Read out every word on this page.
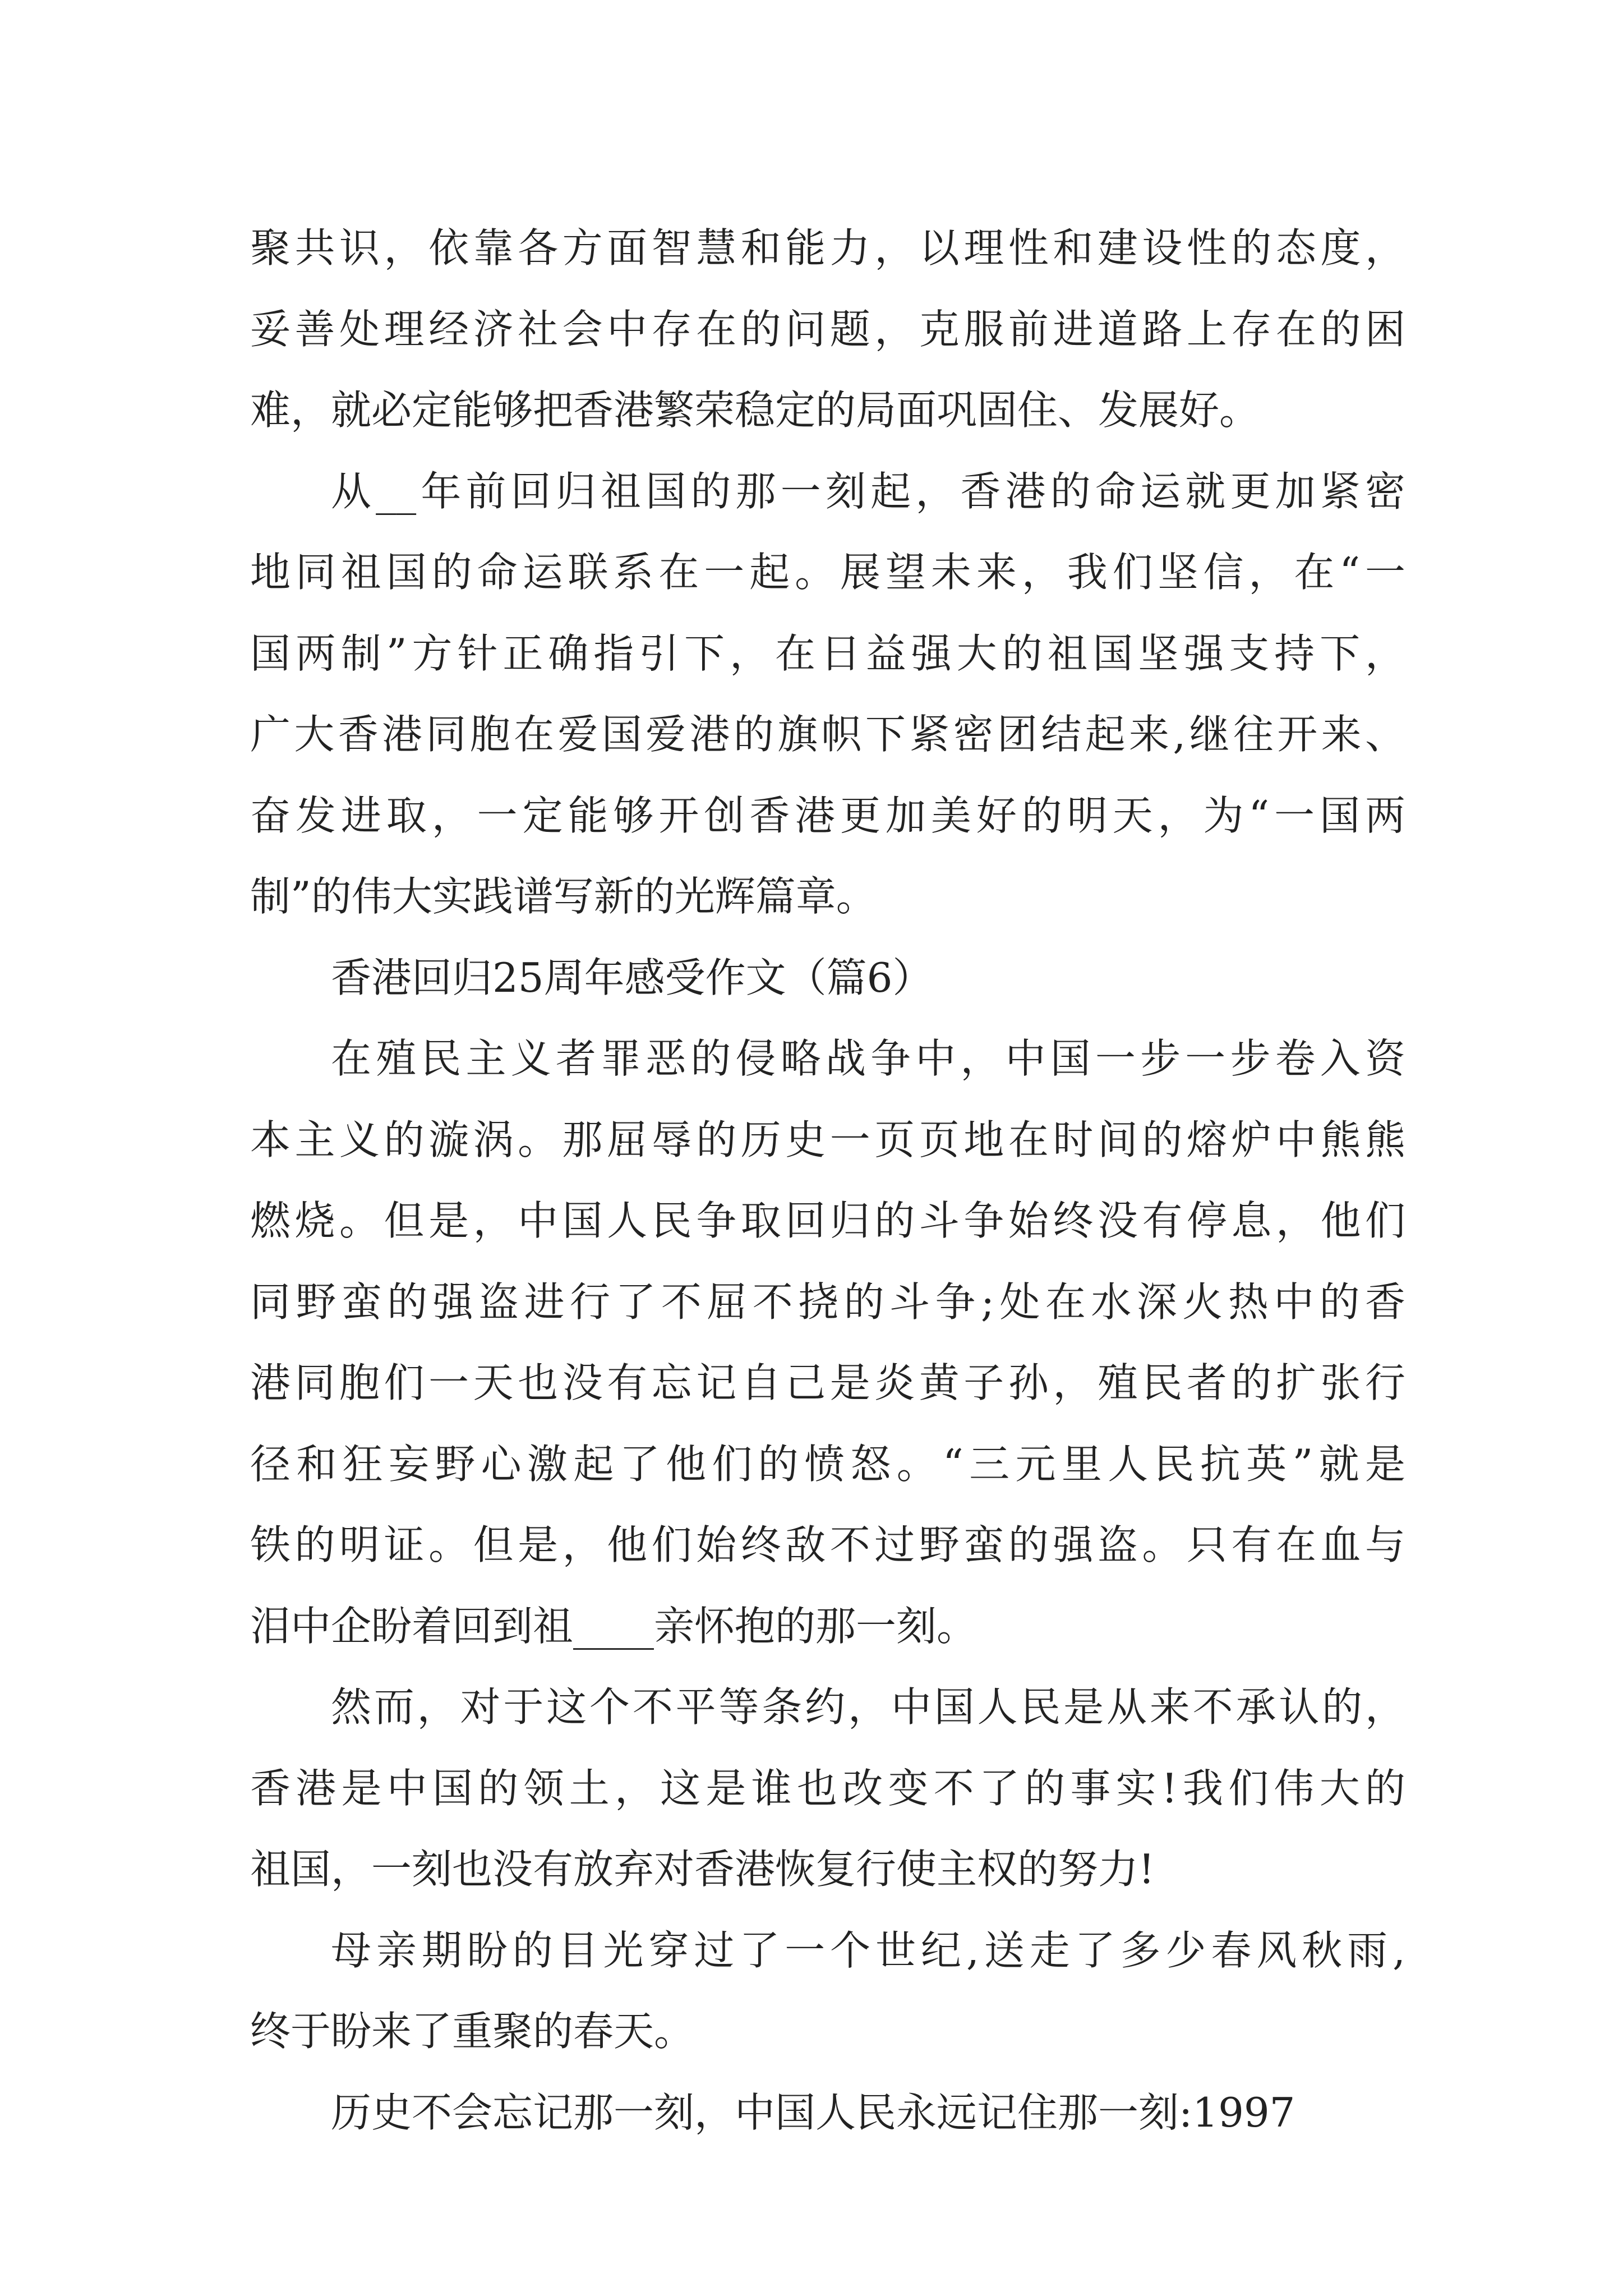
聚共识，依靠各方面智慧和能力，以理性和建设性的态度，
妥善处理经济社会中存在的问题，克服前进道路上存在的困
难，就必定能够把香港繁荣稳定的局面巩固住、发展好。

从__年前回归祖国的那一刻起，香港的命运就更加紧密
地同祖国的命运联系在一起。展望未来，我们坚信，在“一
国两制”方针正确指引下，在日益强大的祖国坚强支持下，
广大香港同胞在爱国爱港的旗帜下紧密团结起来,继往开来、
奋发进取，一定能够开创香港更加美好的明天，为“一国两
制”的伟大实践谱写新的光辉篇章。

香港回归25周年感受作文（篇6）

在殖民主义者罪恶的侵略战争中，中国一步一步卷入资
本主义的漩涡。那屈辱的历史一页页地在时间的熔炉中熊熊
燃烧。但是，中国人民争取回归的斗争始终没有停息，他们
同野蛮的强盗进行了不屈不挠的斗争;处在水深火热中的香
港同胞们一天也没有忘记自己是炎黄子孙，殖民者的扩张行
径和狂妄野心激起了他们的愤怒。“三元里人民抗英”就是
铁的明证。但是，他们始终敌不过野蛮的强盗。只有在血与
泪中企盼着回到祖____亲怀抱的那一刻。

然而，对于这个不平等条约，中国人民是从来不承认的，
香港是中国的领土，这是谁也改变不了的事实!我们伟大的
祖国，一刻也没有放弃对香港恢复行使主权的努力!

母亲期盼的目光穿过了一个世纪,送走了多少春风秋雨,
终于盼来了重聚的春天。

历史不会忘记那一刻，中国人民永远记住那一刻:1997
